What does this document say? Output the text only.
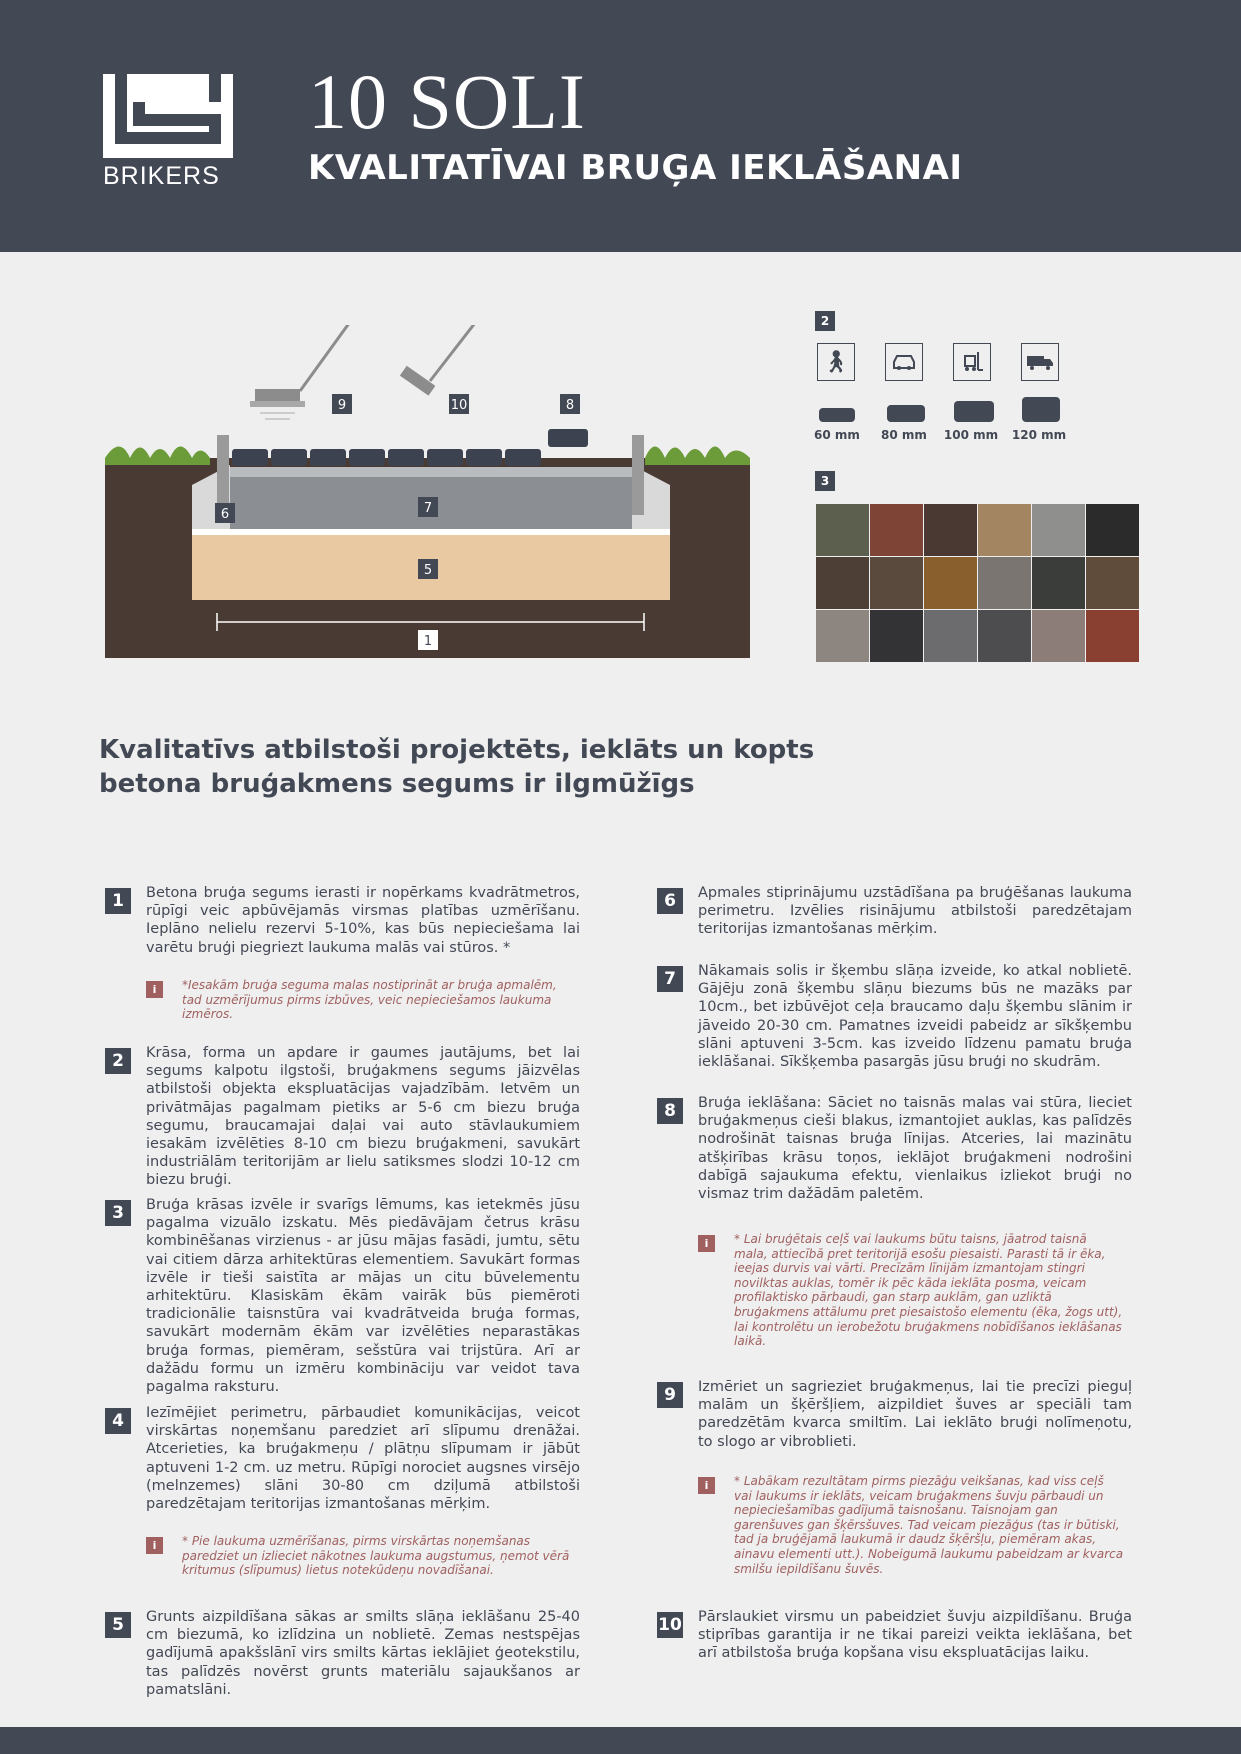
BRIKERS
10 SOLI
KVALITATĪVAI BRUĢA IEKLĀŠANAI
9	10	8
6	7
5
1
2
🚶︎
60 mm	80 mm	100 mm	120 mm
3
Kvalitatīvs atbilstoši projektēts, ieklāts un kopts
betona bruģakmens segums ir ilgmūžīgs
1	Betona bruģa segums ierasti ir nopērkams kvadrātmetros, rūpīgi veic apbūvējamās virsmas platības uzmērīšanu. Ieplāno nelielu rezervi 5-10%, kas būs nepieciešama lai varētu bruģi piegriezt laukuma malās vai stūros. *
i	*Iesakām bruģa seguma malas nostiprināt ar bruģa apmalēm, tad uzmērījumus pirms izbūves, veic nepieciešamos laukuma izmēros.
2	Krāsa, forma un apdare ir gaumes jautājums, bet lai segums kalpotu ilgstoši, bruģakmens segums jāizvēlas atbilstoši objekta ekspluatācijas vajadzībām. Ietvēm un privātmājas pagalmam pietiks ar 5-6 cm biezu bruģa segumu, braucamajai daļai vai auto stāvlaukumiem iesakām izvēlēties 8-10 cm biezu bruģakmeni, savukārt industriālām teritorijām ar lielu satiksmes slodzi 10-12 cm biezu bruģi.
3	Bruģa krāsas izvēle ir svarīgs lēmums, kas ietekmēs jūsu pagalma vizuālo izskatu. Mēs piedāvājam četrus krāsu kombinēšanas virzienus - ar jūsu mājas fasādi, jumtu, sētu vai citiem dārza arhitektūras elementiem. Savukārt formas izvēle ir tieši saistīta ar mājas un citu būvelementu arhitektūru. Klasiskām ēkām vairāk būs piemēroti tradicionālie taisnstūra vai kvadrātveida bruģa formas, savukārt modernām ēkām var izvēlēties neparastākas bruģa formas, piemēram, sešstūra vai trijstūra. Arī ar dažādu formu un izmēru kombināciju var veidot tava pagalma raksturu.
4	Iezīmējiet perimetru, pārbaudiet komunikācijas, veicot virskārtas noņemšanu paredziet arī slīpumu drenāžai. Atcerieties, ka bruģakmeņu / plātņu slīpumam ir jābūt aptuveni 1-2 cm. uz metru. Rūpīgi norociet augsnes virsējo (melnzemes) slāni 30-80 cm dziļumā atbilstoši paredzētajam teritorijas izmantošanas mērķim.
i	* Pie laukuma uzmērīšanas, pirms virskārtas noņemšanas paredziet un izlieciet nākotnes laukuma augstumus, ņemot vērā kritumus (slīpumus) lietus notekūdeņu novadīšanai.
5	Grunts aizpildīšana sākas ar smilts slāņa ieklāšanu 25-40 cm biezumā, ko izlīdzina un noblietē. Zemas nestspējas gadījumā apakšslānī virs smilts kārtas ieklājiet ģeotekstilu, tas palīdzēs novērst grunts materiālu sajaukšanos ar pamatslāni.
6	Apmales stiprinājumu uzstādīšana pa bruģēšanas laukuma perimetru. Izvēlies risinājumu atbilstoši paredzētajam teritorijas izmantošanas mērķim.
7	Nākamais solis ir šķembu slāņa izveide, ko atkal noblietē. Gājēju zonā šķembu slāņu biezums būs ne mazāks par 10cm., bet izbūvējot ceļa braucamo daļu šķembu slānim ir jāveido 20-30 cm. Pamatnes izveidi pabeidz ar sīkšķembu slāni aptuveni 3-5cm. kas izveido līdzenu pamatu bruģa ieklāšanai. Sīkšķemba pasargās jūsu bruģi no skudrām.
8	Bruģa ieklāšana: Sāciet no taisnās malas vai stūra, lieciet bruģakmeņus cieši blakus, izmantojiet auklas, kas palīdzēs nodrošināt taisnas bruģa līnijas. Atceries, lai mazinātu atšķirības krāsu toņos, ieklājot bruģakmeni nodrošini dabīgā sajaukuma efektu, vienlaikus izliekot bruģi no vismaz trim dažādām paletēm.
i	* Lai bruģētais ceļš vai laukums būtu taisns, jāatrod taisnā mala, attiecībā pret teritorijā esošu piesaisti. Parasti tā ir ēka, ieejas durvis vai vārti. Precīzām līnijām izmantojam stingri novilktas auklas, tomēr ik pēc kāda ieklāta posma, veicam profilaktisko pārbaudi, gan starp auklām, gan uzliktā bruģakmens attālumu pret piesaistošo elementu (ēka, žogs utt), lai kontrolētu un ierobežotu bruģakmens nobīdīšanos ieklāšanas laikā.
9	Izmēriet un sagrieziet bruģakmeņus, lai tie precīzi pieguļ malām un šķēršļiem, aizpildiet šuves ar speciāli tam paredzētām kvarca smiltīm. Lai ieklāto bruģi nolīmeņotu, to slogo ar vibroblieti.
i	* Labākam rezultātam pirms piezāģu veikšanas, kad viss ceļš vai laukums ir ieklāts, veicam bruģakmens šuvju pārbaudi un nepieciešamības gadījumā taisnošanu. Taisnojam gan garenšuves gan šķērsšuves. Tad veicam piezāģus (tas ir būtiski, tad ja bruģējamā laukumā ir daudz šķēršļu, piemēram akas, ainavu elementi utt.). Nobeigumā laukumu pabeidzam ar kvarca smilšu iepildīšanu šuvēs.
10 Pārslaukiet virsmu un pabeidziet šuvju aizpildīšanu. Bruģa stiprības garantija ir ne tikai pareizi veikta ieklāšana, bet arī atbilstoša bruģa kopšana visu ekspluatācijas laiku.
